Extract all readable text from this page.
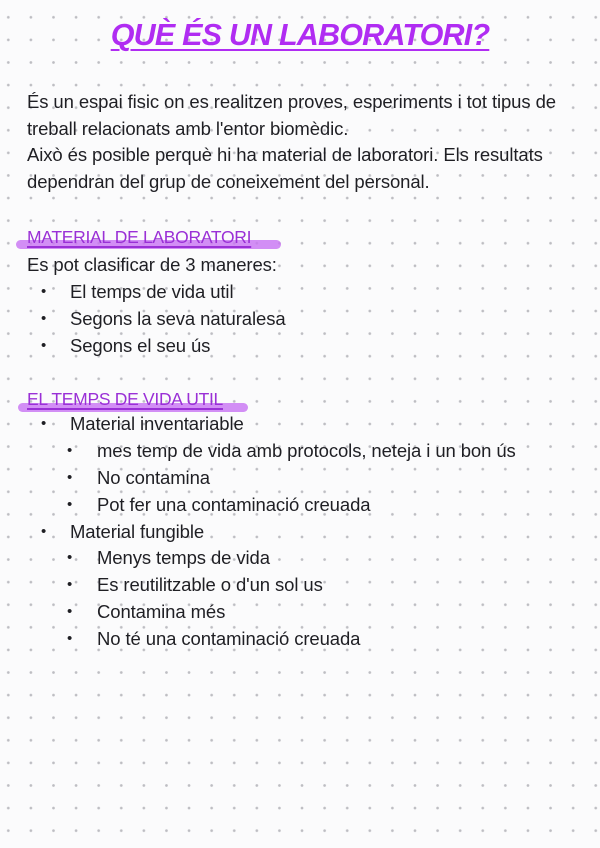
QUÈ ÉS UN LABORATORI?

És un espai fisic on es realitzen proves, esperiments i tot tipus de treball relacionats amb l'entor biomèdic.

Això és posible perquè hi ha material de laboratori. Els resultats dependran del grup de coneixement del personal.

MATERIAL DE LABORATORI
Es pot clasificar de 3 maneres:
• El temps de vida util
• Segons la seva naturalesa
• Segons el seu ús
EL TEMPS DE VIDA UTIL
• Material inventariable
• mes temp de vida amb protocols, neteja i un bon ús
• No contamina
• Pot fer una contaminació creuada
• Material fungible
• Menys temps de vida
• Es reutilitzable o d'un sol us
• Contamina més
• No té una contaminació creuada
